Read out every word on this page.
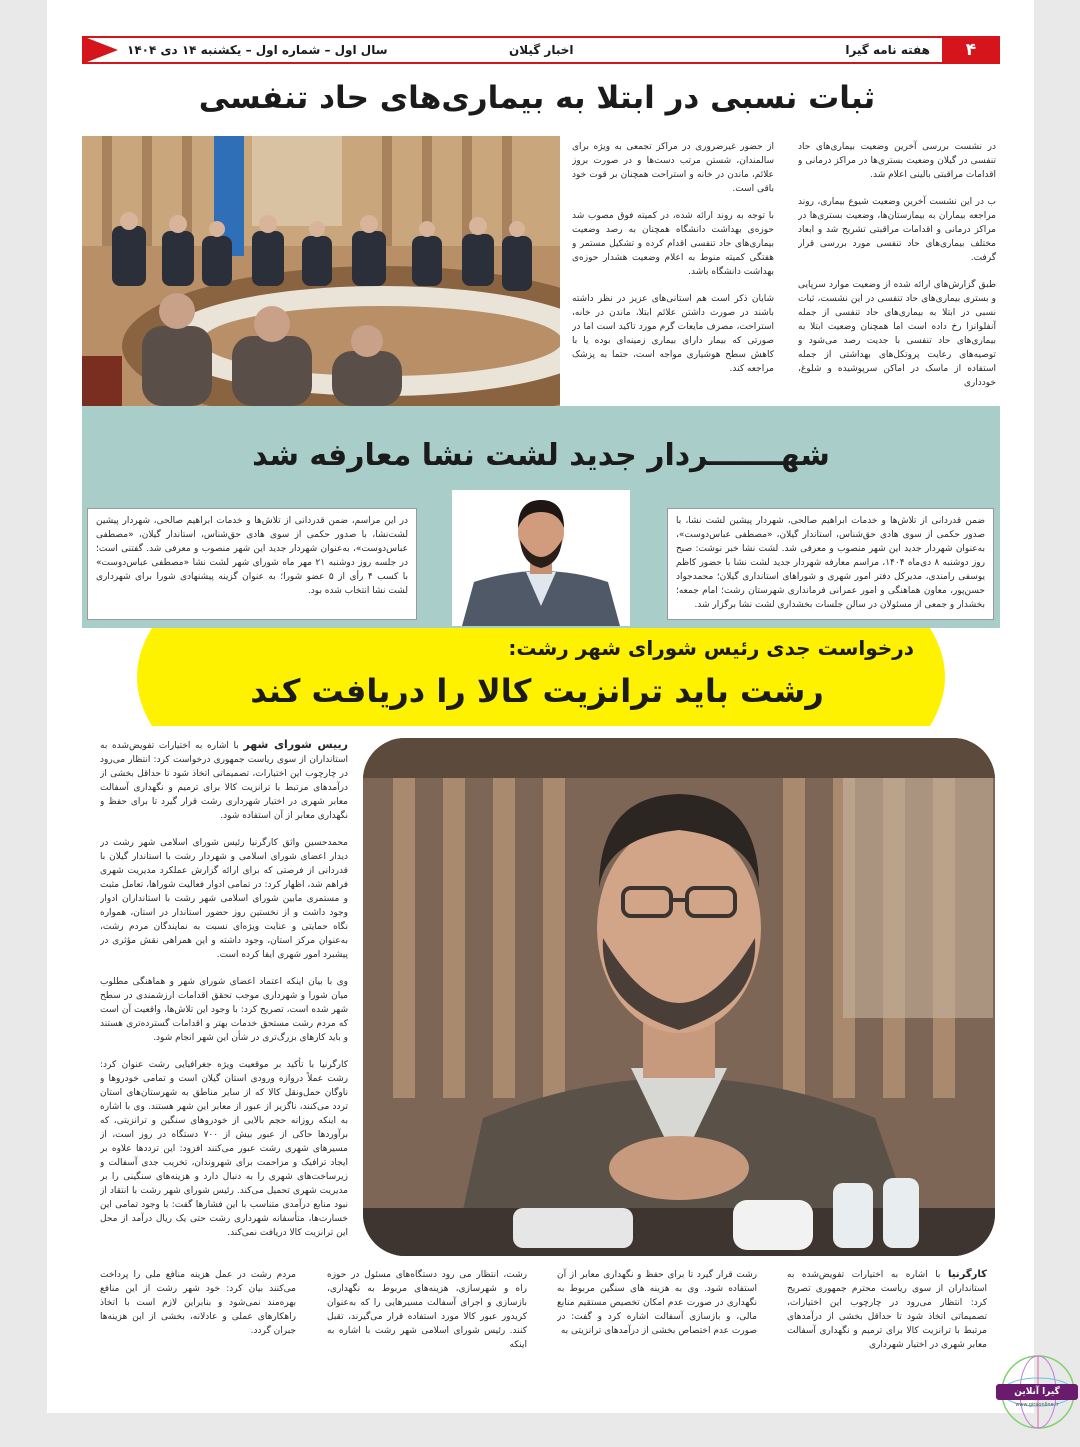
۴
هفته نامه گیرا
اخبار گیلان
سال اول – شماره اول – یکشنبه ۱۴ دی ۱۴۰۴
ثبات نسبی در ابتلا به بیماری‌های حاد تنفسی

از حضور غیرضروری در مراکز تجمعی به ویژه برای سالمندان، شستن مرتب دست‌ها و در صورت بروز علائم، ماندن در خانه و استراحت همچنان بر قوت خود باقی است.

با توجه به روند ارائه شده، در کمیته فوق مصوب شد حوزه‌ی بهداشت دانشگاه همچنان به رصد وضعیت بیماری‌های حاد تنفسی اقدام کرده و تشکیل مستمر و هفتگی کمیته منوط به اعلام وضعیت هشدار حوزه‌ی بهداشت دانشگاه باشد.

شایان ذکر است هم استانی‌های عزیز در نظر داشته باشند در صورت داشتن علائم ابتلا، ماندن در خانه، استراحت، مصرف مایعات گرم مورد تاکید است اما در صورتی که بیمار دارای بیماری زمینه‌ای بوده یا با کاهش سطح هوشیاری مواجه است، حتما به پزشک مراجعه کند.

در نشست بررسی آخرین وضعیت بیماری‌های حاد تنفسی در گیلان وضعیت بستری‌ها در مراکز درمانی و اقدامات مراقبتی بالینی اعلام شد.

ب در این نشست آخرین وضعیت شیوع بیماری، روند مراجعه بیماران به بیمارستان‌ها، وضعیت بستری‌ها در مراکز درمانی و اقدامات مراقبتی تشریح شد و ابعاد مختلف بیماری‌های حاد تنفسی مورد بررسی قرار گرفت.

طبق گزارش‌های ارائه شده از وضعیت موارد سرپایی و بستری بیماری‌های حاد تنفسی در این نشست، ثبات نسبی در ابتلا به بیماری‌های حاد تنفسی از جمله آنفلوانزا رخ داده است اما همچنان وضعیت ابتلا به بیماری‌های حاد تنفسی با جدیت رصد می‌شود و توصیه‌های رعایت پروتکل‌های بهداشتی از جمله استفاده از ماسک در اماکن سرپوشیده و شلوغ، خودداری

شهـــــــردار جدید لشت نشا معارفه شد
در این مراسم، ضمن قدردانی از تلاش‌ها و خدمات ابراهیم صالحی، شهردار پیشین لشت‌نشا، با صدور حکمی از سوی هادی حق‌شناس، استاندار گیلان، «مصطفی عباس‌دوست»، به‌عنوان شهردار جدید این شهر منصوب و معرفی شد. گفتنی است؛ در جلسه روز دوشنبه ۲۱ مهر ماه شورای شهر لشت نشا «مصطفی عباس‌دوست» با کسب ۴ رأی از ۵ عضو شورا؛ به عنوان گزینه پیشنهادی شورا برای شهرداری لشت نشا انتخاب شده بود.
ضمن قدردانی از تلاش‌ها و خدمات ابراهیم صالحی، شهردار پیشین لشت نشا، با صدور حکمی از سوی هادی حق‌شناس، استاندار گیلان، «مصطفی عباس‌دوست»، به‌عنوان شهردار جدید این شهر منصوب و معرفی شد. لشت نشا خبر نوشت: صبح روز دوشنبه ۸ دی‌ماه ۱۴۰۴، مراسم معارفه شهردار جدید لشت نشا با حضور کاظم یوسفی رامندی، مدیرکل دفتر امور شهری و شوراهای استانداری گیلان؛ محمدجواد حسن‌پور، معاون هماهنگی و امور عمرانی فرمانداری شهرستان رشت؛ امام جمعه؛ بخشدار و جمعی از مسئولان در سالن جلسات بخشداری لشت نشا برگزار شد.
درخواست جدی رئیس شورای شهر رشت:
رشت باید ترانزیت کالا را دریافت کند

رییس شورای شهر با اشاره به اختیارات تفویض‌شده به استانداران از سوی ریاست جمهوری درخواست کرد: انتظار می‌رود در چارچوب این اختیارات، تصمیماتی اتخاذ شود تا حداقل بخشی از درآمدهای مرتبط با ترانزیت کالا برای ترمیم و نگهداری آسفالت معابر شهری در اختیار شهرداری رشت قرار گیرد تا برای حفظ و نگهداری معابر از آن استفاده شود.

محمدحسین واثق کارگرنیا رئیس شورای اسلامی شهر رشت در دیدار اعضای شورای اسلامی و شهردار رشت با استاندار گیلان با قدردانی از فرصتی که برای ارائه گزارش عملکرد مدیریت شهری فراهم شد، اظهار کرد: در تمامی ادوار فعالیت شوراها، تعامل مثبت و مستمری مابین شورای اسلامی شهر رشت با استانداران ادوار وجود داشت و از نخستین روز حضور استاندار در استان، همواره نگاه حمایتی و عنایت ویژه‌ای نسبت به نمایندگان مردم رشت، به‌عنوان مرکز استان، وجود داشته و این همراهی نقش مؤثری در پیشبرد امور شهری ایفا کرده است.

وی با بیان اینکه اعتماد اعضای شورای شهر و هماهنگی مطلوب میان شورا و شهرداری موجب تحقق اقدامات ارزشمندی در سطح شهر شده است، تصریح کرد: با وجود این تلاش‌ها، واقعیت آن است که مردم رشت مستحق خدمات بهتر و اقدامات گسترده‌تری هستند و باید کارهای بزرگ‌تری در شأن این شهر انجام شود.

کارگرنیا با تأکید بر موقعیت ویژه جغرافیایی رشت عنوان کرد: رشت عملاً دروازه ورودی استان گیلان است و تمامی خودروها و ناوگان حمل‌ونقل کالا که از سایر مناطق به شهرستان‌های استان تردد می‌کنند، ناگزیر از عبور از معابر این شهر هستند. وی با اشاره به اینکه روزانه حجم بالایی از خودروهای سنگین و ترانزیتی، که برآوردها حاکی از عبور بیش از ۷۰۰ دستگاه در روز است، از مسیرهای شهری رشت عبور می‌کنند افزود: این ترددها علاوه بر ایجاد ترافیک و مزاحمت برای شهروندان، تخریب جدی آسفالت و زیرساخت‌های شهری را به دنبال دارد و هزینه‌های سنگینی را بر مدیریت شهری تحمیل می‌کند. رئیس شورای شهر رشت با انتقاد از نبود منابع درآمدی متناسب با این فشارها گفت: با وجود تمامی این خسارت‌ها، متأسفانه شهرداری رشت حتی یک ریال درآمد از محل این ترانزیت کالا دریافت نمی‌کند.

کارگرنیا با اشاره به اختیارات تفویض‌شده به استانداران از سوی ریاست محترم جمهوری تصریح کرد: انتظار می‌رود در چارچوب این اختیارات، تصمیماتی اتخاذ شود تا حداقل بخشی از درآمدهای مرتبط با ترانزیت کالا برای ترمیم و نگهداری آسفالت معابر شهری در اختیار شهرداری
رشت قرار گیرد تا برای حفظ و نگهداری معابر از آن استفاده شود. وی به هزینه های سنگین مربوط به نگهداری در صورت عدم امکان تخصیص مستقیم منابع مالی، و بازسازی آسفالت اشاره کرد و گفت: در صورت عدم اختصاص بخشی از درآمدهای ترانزیتی به
رشت، انتظار می رود دستگاه‌های مسئول در حوزه راه و شهرسازی، هزینه‌های مربوط به نگهداری، بازسازی و اجرای آسفالت مسیرهایی را که به‌عنوان کریدور عبور کالا مورد استفاده قرار می‌گیرند، تقبل کنند. رئیس شورای اسلامی شهر رشت با اشاره به اینکه
مردم رشت در عمل هزینه منافع ملی را پرداخت می‌کنند بیان کرد: خود شهر رشت از این منافع بهره‌مند نمی‌شود و بنابراین لازم است با اتخاذ راهکارهای عملی و عادلانه، بخشی از این هزینه‌ها جبران گردد.
گیرا آنلاین
www.giraonline.ir
